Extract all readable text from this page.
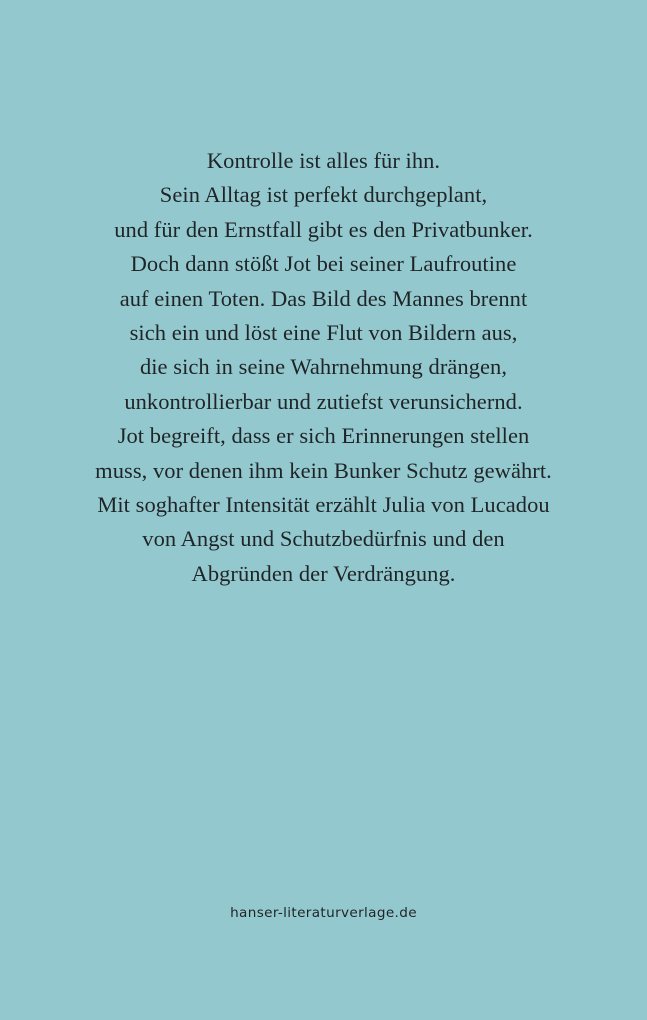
Kontrolle ist alles für ihn.
Sein Alltag ist perfekt durchgeplant,
und für den Ernstfall gibt es den Privatbunker.
Doch dann stößt Jot bei seiner Laufroutine
auf einen Toten. Das Bild des Mannes brennt
sich ein und löst eine Flut von Bildern aus,
die sich in seine Wahrnehmung drängen,
unkontrollierbar und zutiefst verunsichernd.
Jot begreift, dass er sich Erinnerungen stellen
muss, vor denen ihm kein Bunker Schutz gewährt.
Mit soghafter Intensität erzählt Julia von Lucadou
von Angst und Schutzbedürfnis und den
Abgründen der Verdrängung.
hanser-literaturverlage.de
